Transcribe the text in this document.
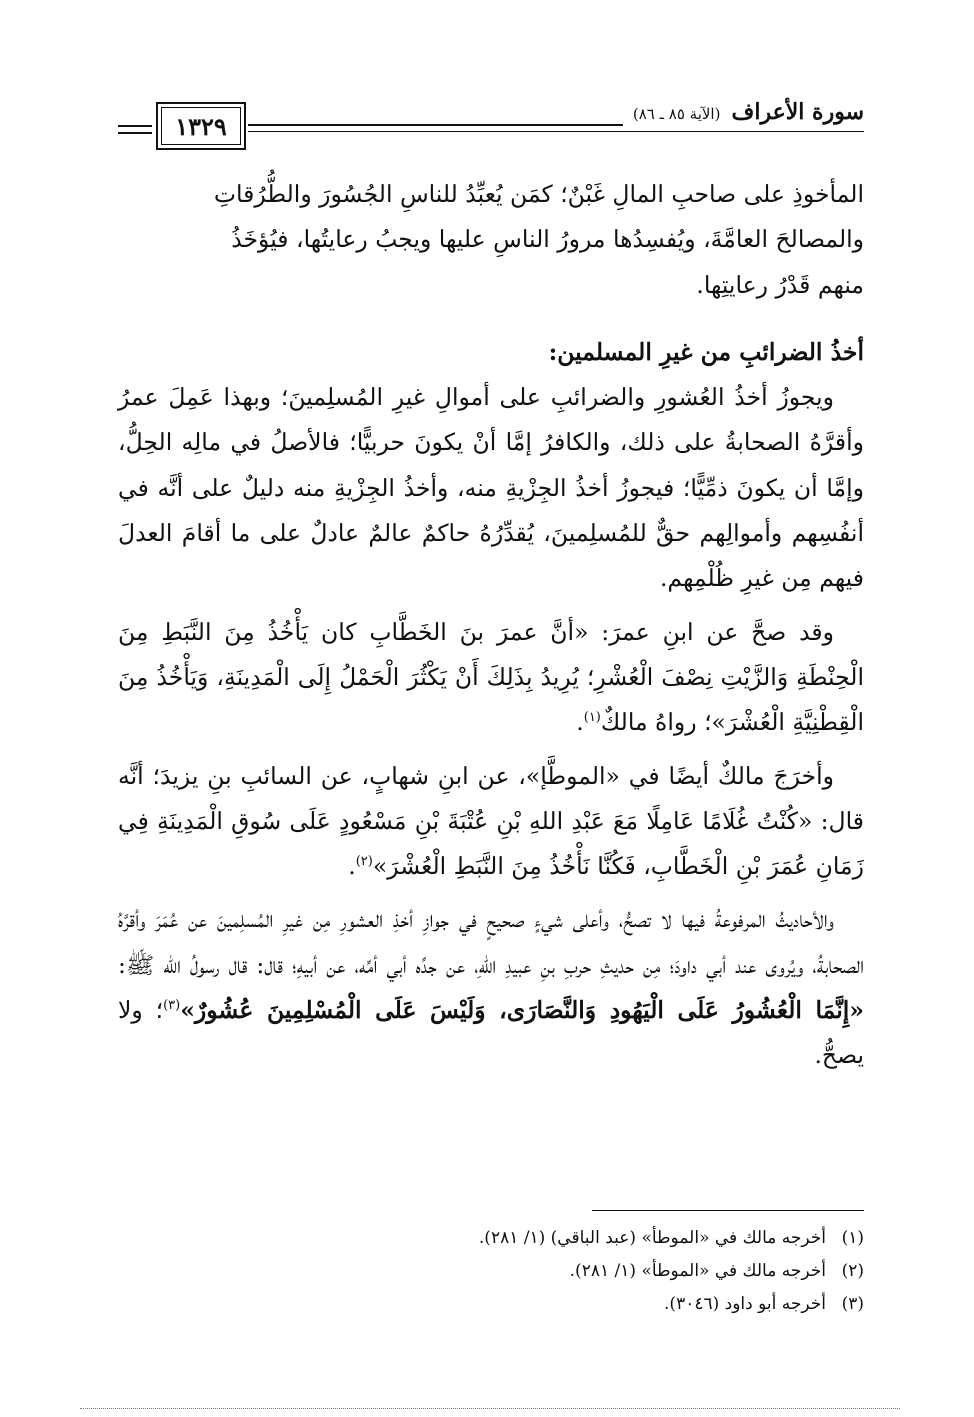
١٣٢٩	سورة الأعراف (الآية ٨٥ ـ ٨٦)

المأخوذِ على صاحبِ المالِ غَبْنٌ؛ كمَن يُعبِّدُ للناسِ الجُسُورَ والطُّرُقاتِ

والمصالحَ العامَّةَ، ويُفسِدُها مرورُ الناسِ عليها ويجبُ رعايتُها، فيُؤخَذُ

منهم قَدْرُ رعايتِها.

أخذُ الضرائبِ من غيرِ المسلمين:

ويجوزُ أخذُ العُشورِ والضرائبِ على أموالِ غيرِ المُسلِمينَ؛ وبهذا عَمِلَ عمرُ وأقرَّهُ الصحابةُ على ذلك، والكافرُ إمَّا أنْ يكونَ حربيًّا؛ فالأصلُ في مالِه الحِلُّ، وإمَّا أن يكونَ ذمِّيًّا؛ فيجوزُ أخذُ الجِزْيةِ منه، وأخذُ الجِزْيةِ منه دليلٌ على أنَّه في أنفُسِهم وأموالِهم حقٌّ للمُسلِمينَ، يُقدِّرُهُ حاكمٌ عالمٌ عادلٌ على ما أقامَ العدلَ فيهم مِن غيرِ ظُلْمِهم.

وقد صحَّ عن ابنِ عمرَ: «أنَّ عمرَ بنَ الخَطَّابِ كان يَأْخُذُ مِنَ النَّبَطِ مِنَ الْحِنْطَةِ وَالزَّيْتِ نِصْفَ الْعُشْرِ؛ يُرِيدُ بِذَلِكَ أَنْ يَكْثُرَ الْحَمْلُ إِلَى الْمَدِينَةِ، وَيَأْخُذُ مِنَ الْقِطْنِيَّةِ الْعُشْرَ»؛ رواهُ مالكٌ$^{(١)}$.

وأخرَجَ مالكٌ أيضًا في «الموطَّإ»، عن ابنِ شهابٍ، عن السائبِ بنِ يزيدَ؛ أنَّه قال: «كُنْتُ غُلَامًا عَامِلًا مَعَ عَبْدِ اللهِ بْنِ عُتْبَةَ بْنِ مَسْعُودٍ عَلَى سُوقِ الْمَدِينَةِ فِي زَمَانِ عُمَرَ بْنِ الْخَطَّابِ، فَكُنَّا نَأْخُذُ مِنَ النَّبَطِ الْعُشْرَ»$^{(٢)}$.

والأحاديثُ المرفوعةُ فيها لا تصحُّ، وأعلى شيءٍ صحيحٍ في جوازِ أخذِ العشورِ مِن غيرِ المُسلِمينَ عن عُمَرَ وأقرَّهُ الصحابةُ، ويُروى عند أبي داودَ؛ مِن حديثِ حربِ بنِ عبيدِ اللهِ، عن جدِّه أبي أمِّه، عن أبيهِ؛ قال: قال رسولُ الله ﷺ: «إِنَّمَا الْعُشُورُ عَلَى الْيَهُودِ وَالنَّصَارَى، وَلَيْسَ عَلَى الْمُسْلِمِينَ عُشُورٌ»$^{(٣)}$؛ ولا يصحُّ.

(١)أخرجه مالك في «الموطأ» (عبد الباقي) (١/ ٢٨١).

(٢)أخرجه مالك في «الموطأ» (١/ ٢٨١).

(٣)أخرجه أبو داود (٣٠٤٦).
